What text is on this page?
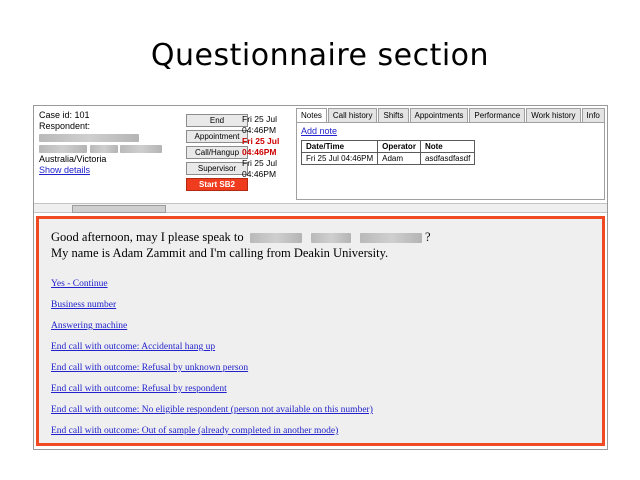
Questionnaire section
Case id: 101
Respondent:

Australia/Victoria
Show details
End
Appointment
Call/Hangup
Supervisor
Start SB2
Fri 25 Jul
04:46PM
Fri 25 Jul
04:46PM
Fri 25 Jul
04:46PM
Notes	Call history	Shifts	Appointments	Performance	Work history	Info
Add note
Date/Time	Operator	Note
Fri 25 Jul 04:46PM	Adam	asdfasdfasdf
Good afternoon, may I please speak to	?
My name is Adam Zammit and I'm calling from Deakin University.
Yes - Continue
Business number
Answering machine
End call with outcome: Accidental hang up
End call with outcome: Refusal by unknown person
End call with outcome: Refusal by respondent
End call with outcome: No eligible respondent (person not available on this number)
End call with outcome: Out of sample (already completed in another mode)
